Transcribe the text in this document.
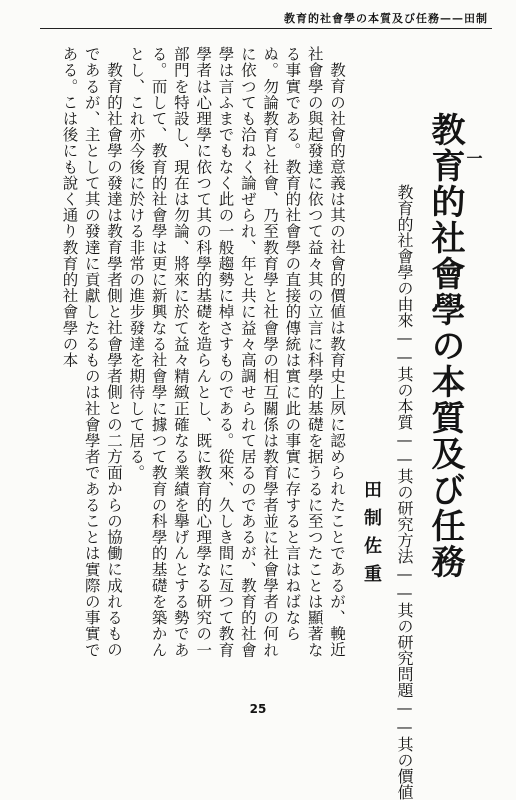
教育的社會學の本質及び任務——田制
一
教育的社會學の本質及び任務
教育的社會學の由來——其の本質——其の研究方法——其の研究問題——其の價値
田制佐重

教育の社會的意義は其の社會的價値は教育史上夙に認められたことであるが、輓近社會學の與起發達に依つて益々其の立言に科學的基礎を据うるに至つたことは顯著なる事實である。教育的社會學の直接的傳統は實に此の事實に存すると言はねばならぬ。勿論教育と社會、乃至教育學と社會學の相互關係は教育學者並に社會學者の何れに依つても洽ねく論ぜられ、年と共に益々高調せられて居るのであるが、教育的社會學は言ふまでもなく此の一般趨勢に棹さすものである。從來、久しき間に亙つて教育學者は心理學に依つて其の科學的基礎を造らんとし、既に教育的心理學なる研究の一部門を特設し、現在は勿論、將來に於て益々精緻正確なる業績を擧げんとする勢である。而して、教育的社會學は更に新興なる社會學に據つて教育の科學的基礎を築かんとし、これ亦今後に於ける非常の進步發達を期待して居る。

教育的社會學の發達は教育學者側と社會學者側との二方面からの協働に成れるものであるが、主として其の發達に貢獻したるものは社會學者であることは實際の事實である。こは後にも說く通り教育的社會學の本

25
